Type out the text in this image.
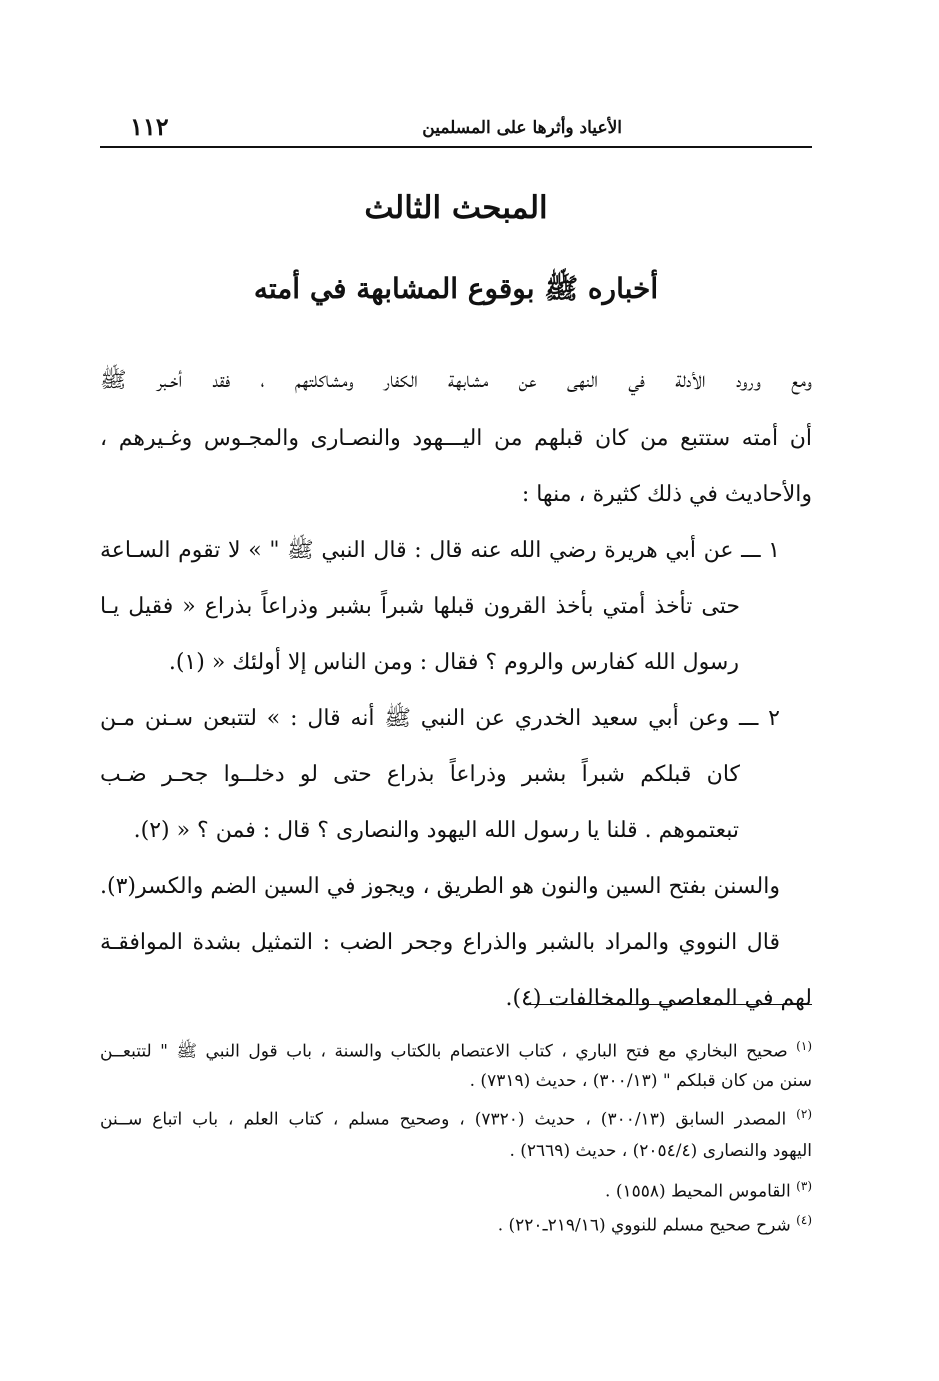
الأعياد وأثرها على المسلمين
١١٢
المبحث الثالث
أخباره ﷺ بوقوع المشابهة في أمته
ومع ورود الأدلة في النهى عن مشابهة الكفار ومشاكلتهم ، فقد أخـبر ﷺ
أن أمته ستتبع من كان قبلهم من اليـــهود والنصـارى والمجـوس وغـيرهم ،
والأحاديث في ذلك كثيرة ، منها :
١ ـــ عن أبي هريرة رضي الله عنه قال : قال النبي ﷺ " » لا تقوم السـاعة
حتى تأخذ أمتي بأخذ القرون قبلها شبراً بشبر وذراعاً بذراع « فقيل يـا
رسول الله كفارس والروم ؟ فقال : ومن الناس إلا أولئك « (١).
٢ ـــ وعن أبي سعيد الخدري عن النبي ﷺ أنه قال : » لتتبعن سـنن مـن
كان قبلكم شبراً بشبر وذراعاً بذراع حتى لو دخلــوا جحـر ضـب
تبعتموهم . قلنا يا رسول الله اليهود والنصارى ؟ قال : فمن ؟ « (٢).
والسنن بفتح السين والنون هو الطريق ، ويجوز في السين الضم والكسر(٣).
قال النووي والمراد بالشبر والذراع وجحر الضب : التمثيل بشدة الموافقـة
لهم في المعاصي والمخالفات (٤).
$^{(١)}$ صحيح البخاري مع فتح الباري ، كتاب الاعتصام بالكتاب والسنة ، باب قول النبي ﷺ " لتتبعــن
سنن من كان قبلكم " (٣٠٠/١٣) ، حديث (٧٣١٩) .
$^{(٢)}$ المصدر السابق (٣٠٠/١٣) ، حديث (٧٣٢٠) ، وصحيح مسلم ، كتاب العلم ، باب اتباع ســنن
اليهود والنصارى (٢٠٥٤/٤) ، حديث (٢٦٦٩) .
$^{(٣)}$ القاموس المحيط (١٥٥٨) .
$^{(٤)}$ شرح صحيح مسلم للنووي (٢١٩/١٦ـ٢٢٠) .
